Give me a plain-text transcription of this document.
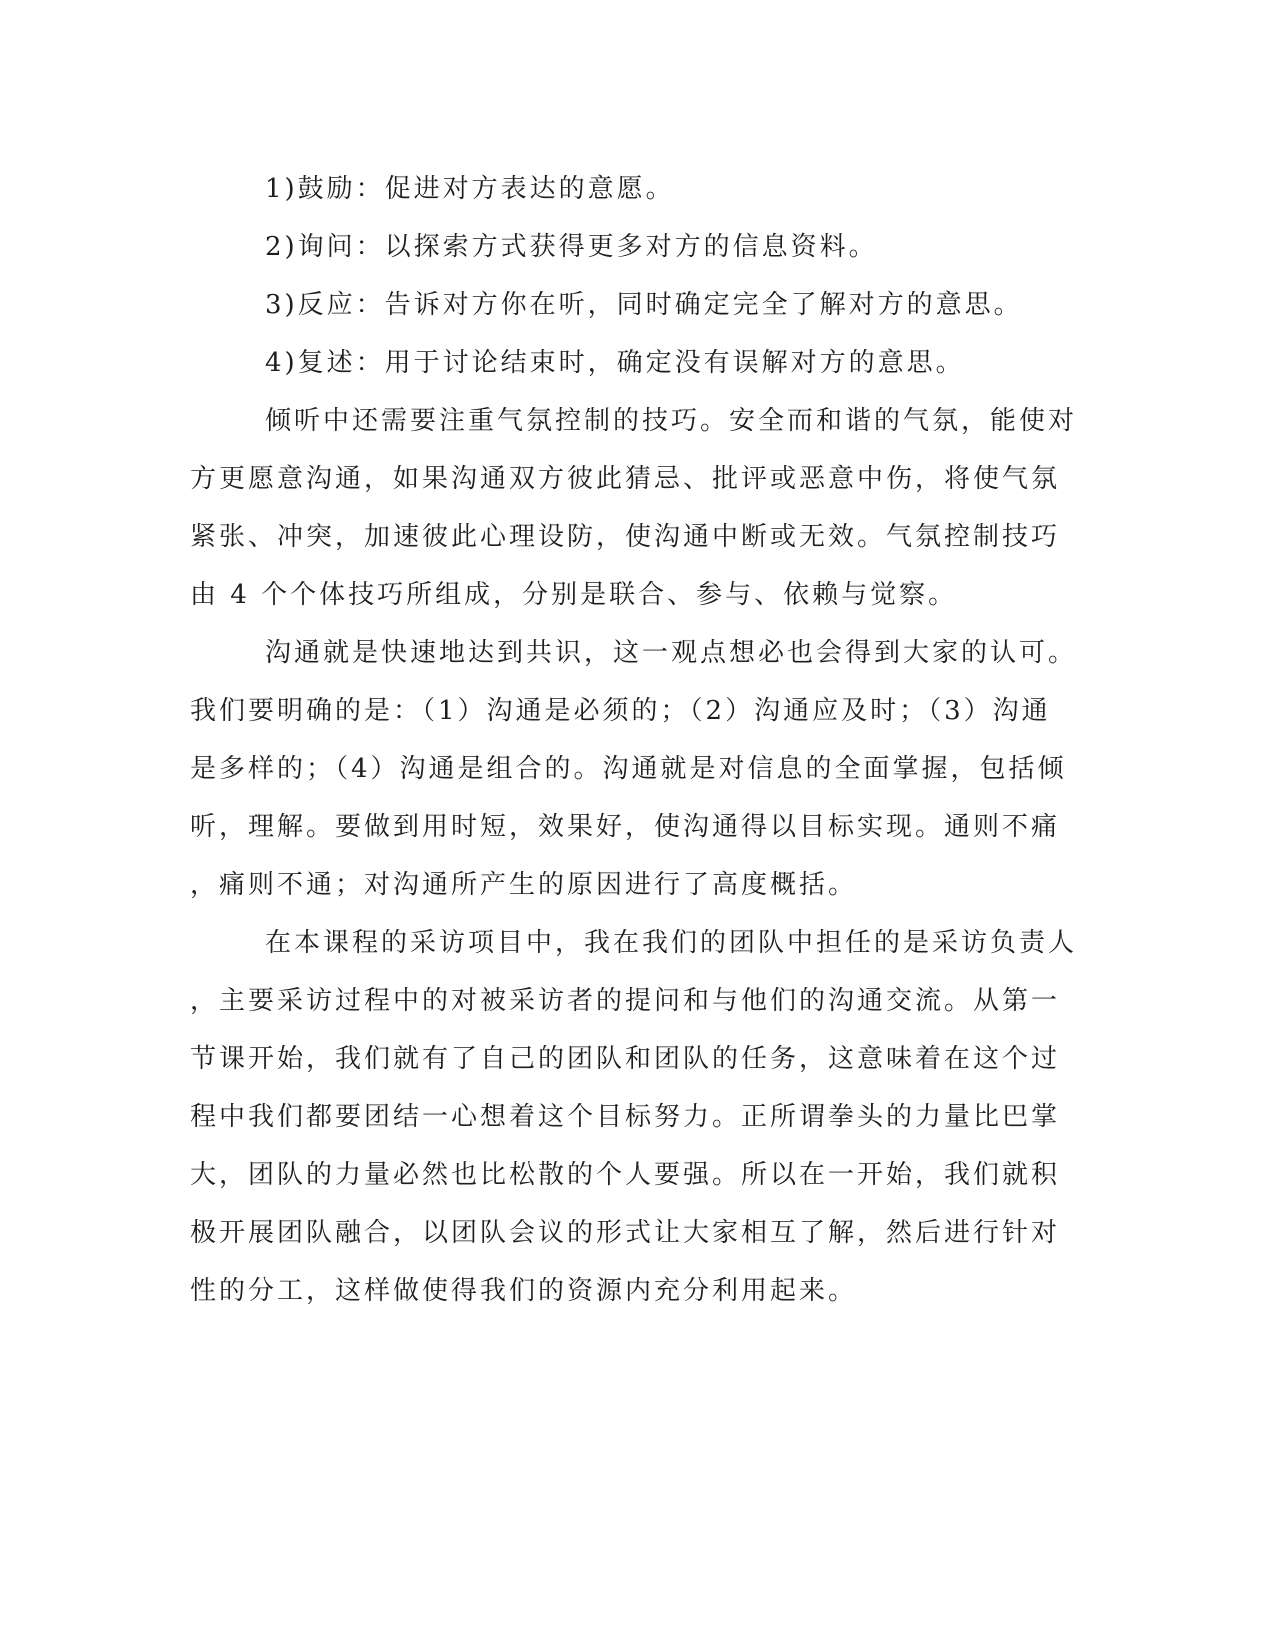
1)鼓励：促进对方表达的意愿。
2)询问：以探索方式获得更多对方的信息资料。
3)反应：告诉对方你在听，同时确定完全了解对方的意思。
4)复述：用于讨论结束时，确定没有误解对方的意思。
倾听中还需要注重气氛控制的技巧。安全而和谐的气氛，能使对
方更愿意沟通，如果沟通双方彼此猜忌、批评或恶意中伤，将使气氛
紧张、冲突，加速彼此心理设防，使沟通中断或无效。气氛控制技巧
由 4 个个体技巧所组成，分别是联合、参与、依赖与觉察。
沟通就是快速地达到共识，这一观点想必也会得到大家的认可。
我们要明确的是：（1）沟通是必须的；（2）沟通应及时；（3）沟通
是多样的；（4）沟通是组合的。沟通就是对信息的全面掌握，包括倾
听，理解。要做到用时短，效果好，使沟通得以目标实现。通则不痛
，痛则不通；对沟通所产生的原因进行了高度概括。
在本课程的采访项目中，我在我们的团队中担任的是采访负责人
，主要采访过程中的对被采访者的提问和与他们的沟通交流。从第一
节课开始，我们就有了自己的团队和团队的任务，这意味着在这个过
程中我们都要团结一心想着这个目标努力。正所谓拳头的力量比巴掌
大，团队的力量必然也比松散的个人要强。所以在一开始，我们就积
极开展团队融合，以团队会议的形式让大家相互了解，然后进行针对
性的分工，这样做使得我们的资源内充分利用起来。
